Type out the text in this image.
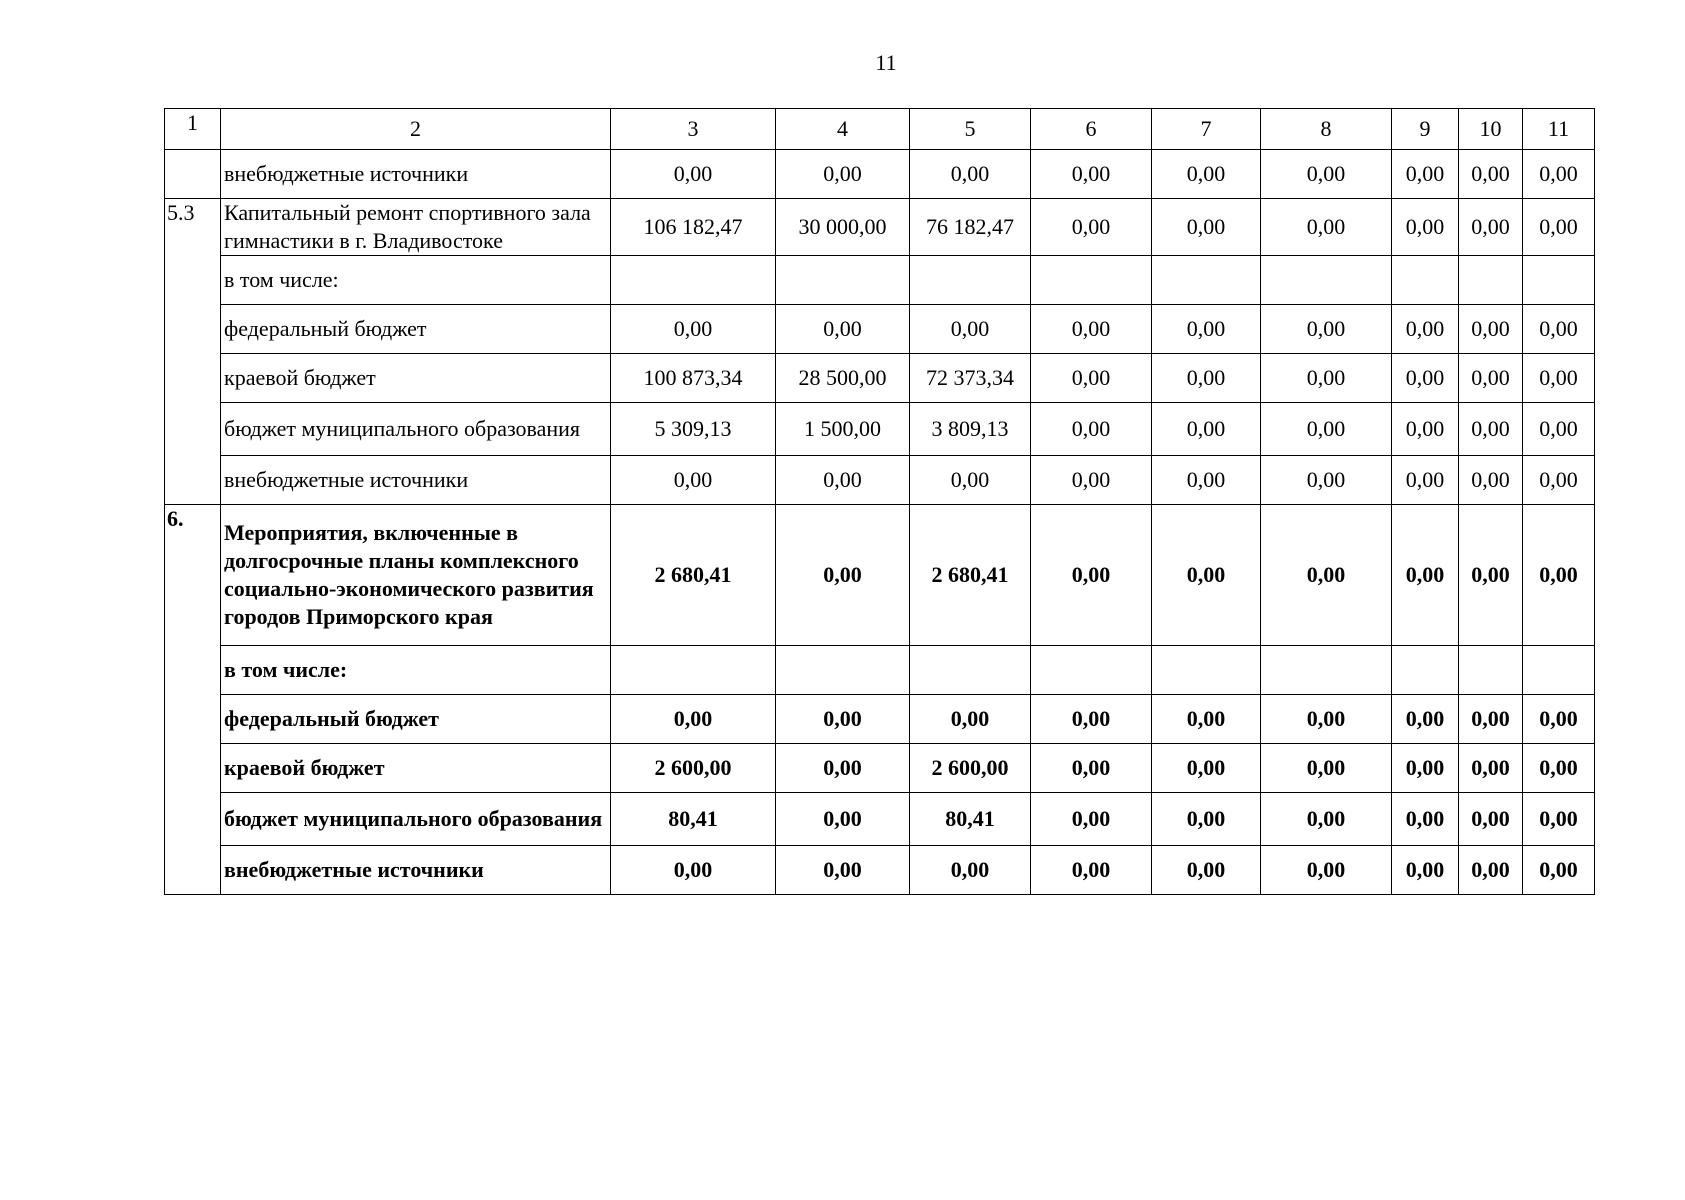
11
1	2	3	4	5	6	7	8	9	10	11
	внебюджетные источники	0,00	0,00	0,00	0,00	0,00	0,00	0,00	0,00	0,00
5.3	Капитальный ремонт спортивного зала гимнастики в г. Владивостоке	106 182,47	30 000,00	76 182,47	0,00	0,00	0,00	0,00	0,00	0,00
	в том числе:									
	федеральный бюджет	0,00	0,00	0,00	0,00	0,00	0,00	0,00	0,00	0,00
	краевой бюджет	100 873,34	28 500,00	72 373,34	0,00	0,00	0,00	0,00	0,00	0,00
	бюджет муниципального образования	5 309,13	1 500,00	3 809,13	0,00	0,00	0,00	0,00	0,00	0,00
	внебюджетные источники	0,00	0,00	0,00	0,00	0,00	0,00	0,00	0,00	0,00
6.	Мероприятия, включенные в долгосрочные планы комплексного социально-экономического развития городов Приморского края	2 680,41	0,00	2 680,41	0,00	0,00	0,00	0,00	0,00	0,00
	в том числе:									
	федеральный бюджет	0,00	0,00	0,00	0,00	0,00	0,00	0,00	0,00	0,00
	краевой бюджет	2 600,00	0,00	2 600,00	0,00	0,00	0,00	0,00	0,00	0,00
	бюджет муниципального образования	80,41	0,00	80,41	0,00	0,00	0,00	0,00	0,00	0,00
	внебюджетные источники	0,00	0,00	0,00	0,00	0,00	0,00	0,00	0,00	0,00
